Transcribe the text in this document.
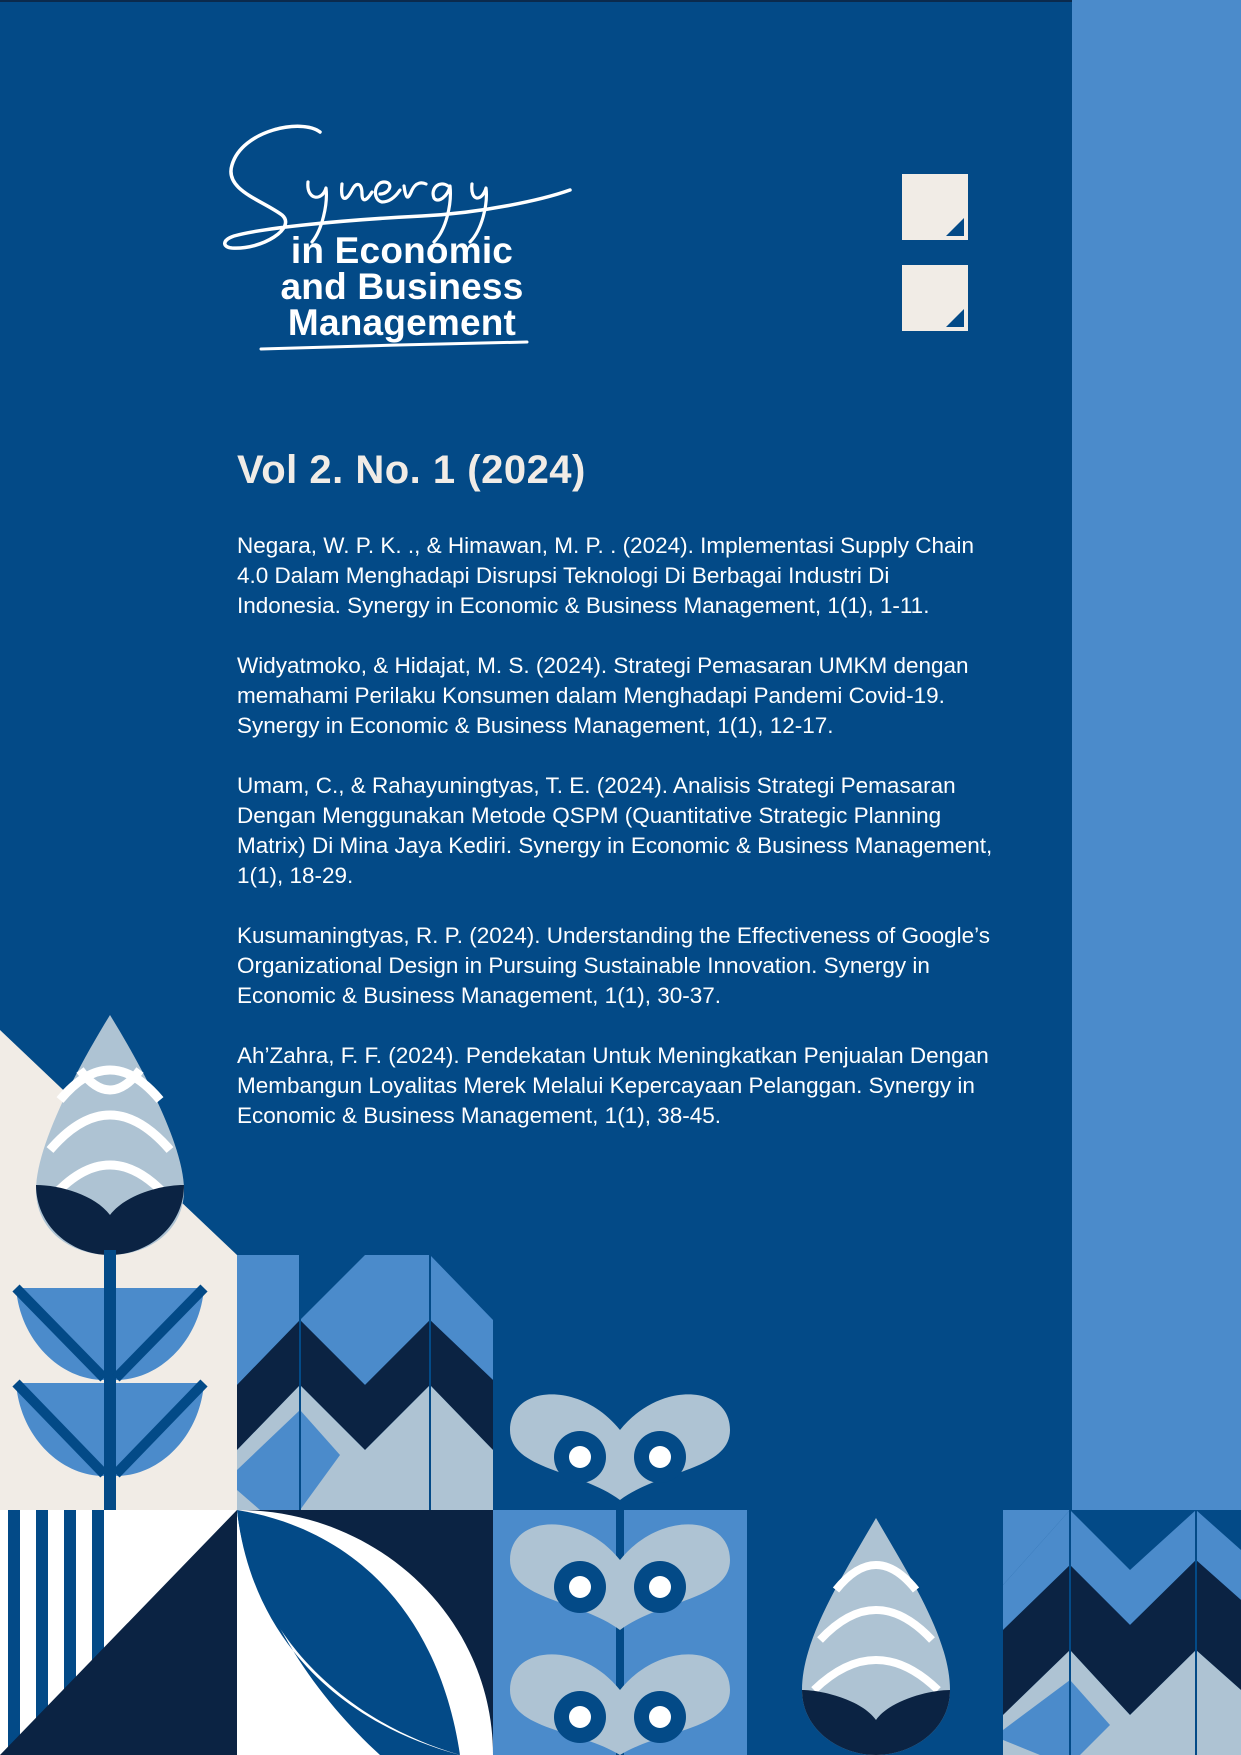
in Economic
and Business
Management
Vol 2. No. 1 (2024)

Negara, W. P. K. ., & Himawan, M. P. . (2024). Implementasi Supply Chain 4.0 Dalam Menghadapi Disrupsi Teknologi Di Berbagai Industri Di Indonesia. Synergy in Economic & Business Management, 1(1), 1-11.

Widyatmoko, & Hidajat, M. S. (2024). Strategi Pemasaran UMKM dengan memahami Perilaku Konsumen dalam Menghadapi Pandemi Covid-19. Synergy in Economic & Business Management, 1(1), 12-17.

Umam, C., & Rahayuningtyas, T. E. (2024). Analisis Strategi Pemasaran Dengan Menggunakan Metode QSPM (Quantitative Strategic Planning Matrix) Di Mina Jaya Kediri. Synergy in Economic & Business Management, 1(1), 18-29.

Kusumaningtyas, R. P. (2024). Understanding the Effectiveness of Google’s Organizational Design in Pursuing Sustainable Innovation. Synergy in Economic & Business Management, 1(1), 30-37.

Ah’Zahra, F. F. (2024). Pendekatan Untuk Meningkatkan Penjualan Dengan Membangun Loyalitas Merek Melalui Kepercayaan Pelanggan. Synergy in Economic & Business Management, 1(1), 38-45.
